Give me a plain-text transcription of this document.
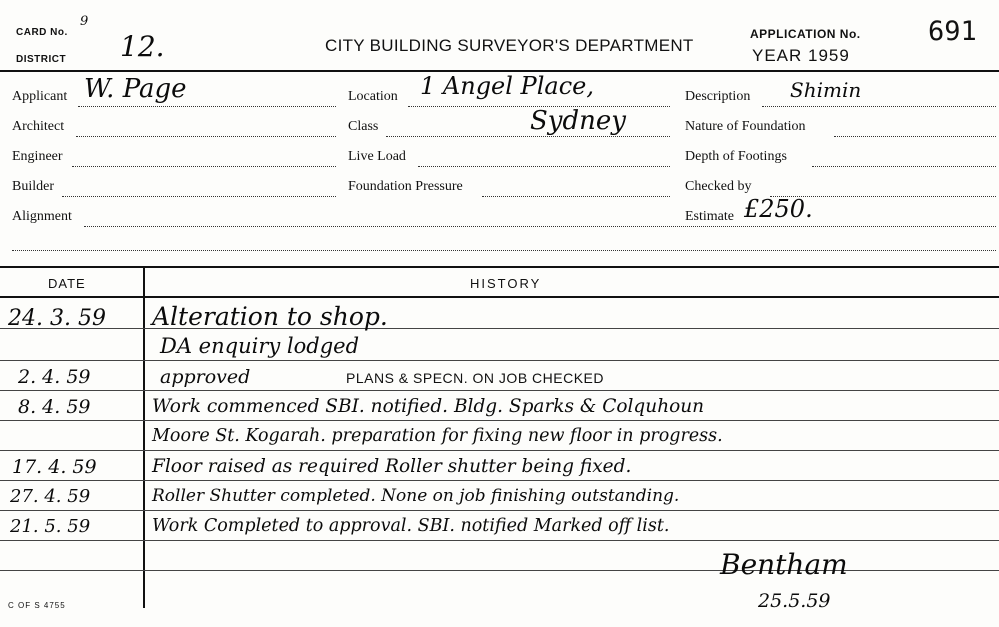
CARD No.
9
DISTRICT 12.	CITY BUILDING SURVEYOR'S DEPARTMENT
APPLICATION No. 691
YEAR 1959
Applicant W. Page
Architect
Engineer
Builder
Alignment
Location 1 Angel Place,
Class	Sydney
Live Load
Foundation Pressure
Description Shimin
Nature of Foundation
Depth of Footings
Checked by
Estimate £250.
DATE	HISTORY
24. 3. 59 Alteration to shop.
DA enquiry lodged
2. 4. 59	approved	PLANS & SPECN. ON JOB CHECKED
8. 4. 59	Work commenced SBI. notified. Bldg. Sparks & Colquhoun
Moore St. Kogarah. preparation for fixing new floor in progress.
17. 4. 59	Floor raised as required Roller shutter being fixed.
27. 4. 59	Roller Shutter completed. None on job finishing outstanding.
21. 5. 59	Work Completed to approval. SBI. notified Marked off list.
Bentham
25.5.59
C OF S 4755
